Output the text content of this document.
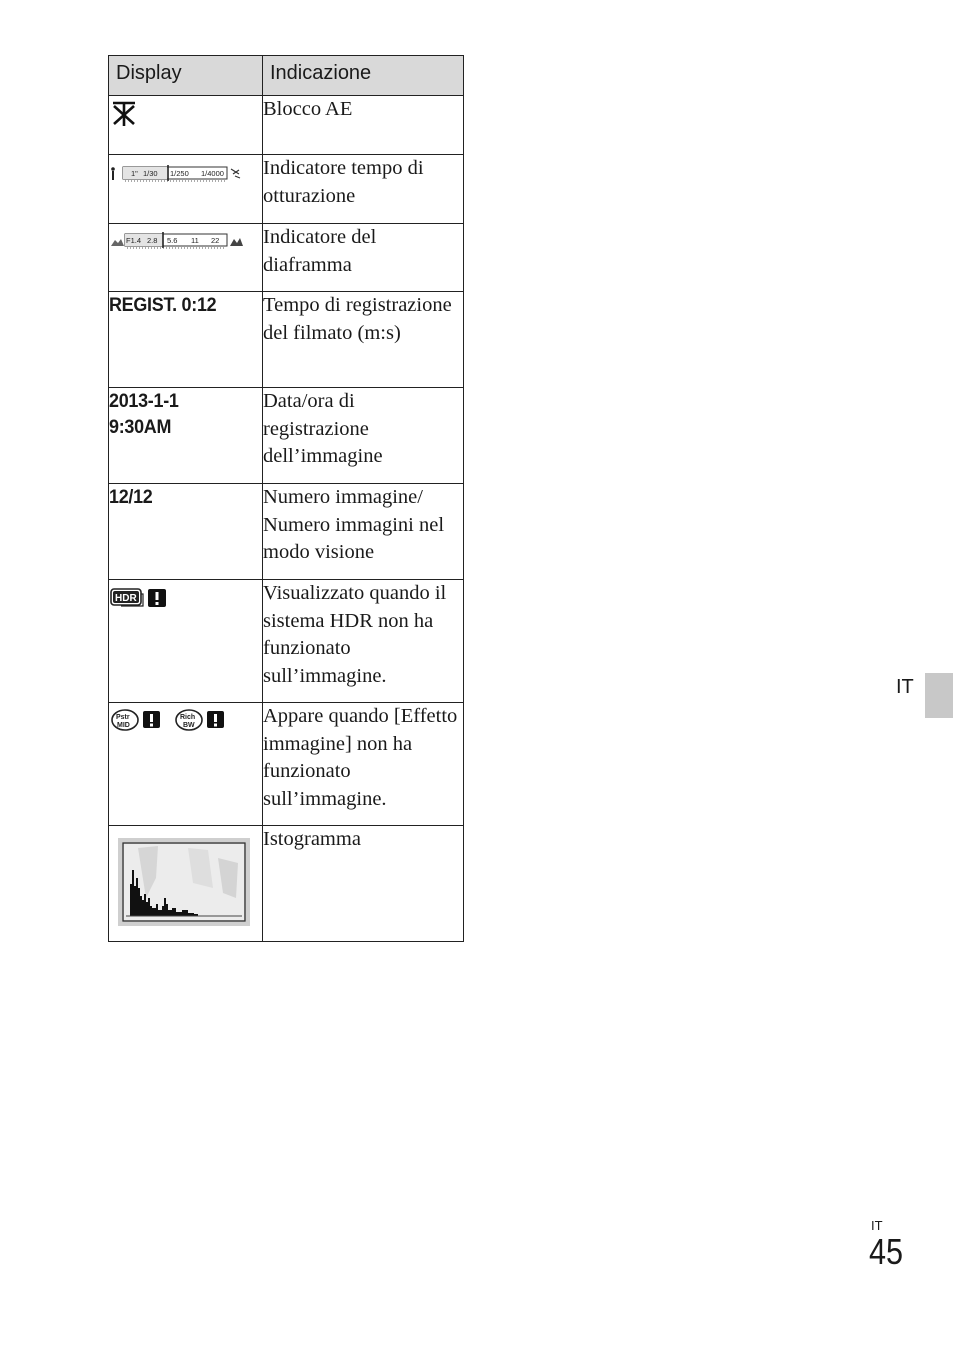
Display	Indicazione
	Blocco AE

1" 1/30 1/250 1/4000	Indicatore tempo di otturazione

F1.4 2.8 5.6 11 22	Indicatore del diaframma
REGIST. 0:12	Tempo di registrazione del filmato (m:s)
2013-1-1
9:30AM	Data/ora di registrazione dell’immagine
12/12	Numero immagine/ Numero immagini nel modo visione

HDR	Visualizzato quando il sistema HDR non ha funzionato sull’immagine.

Pstr
MID
Rich
BW	Appare quando [Effetto immagine] non ha funzionato sull’immagine.
	Istogramma
IT
IT
45
